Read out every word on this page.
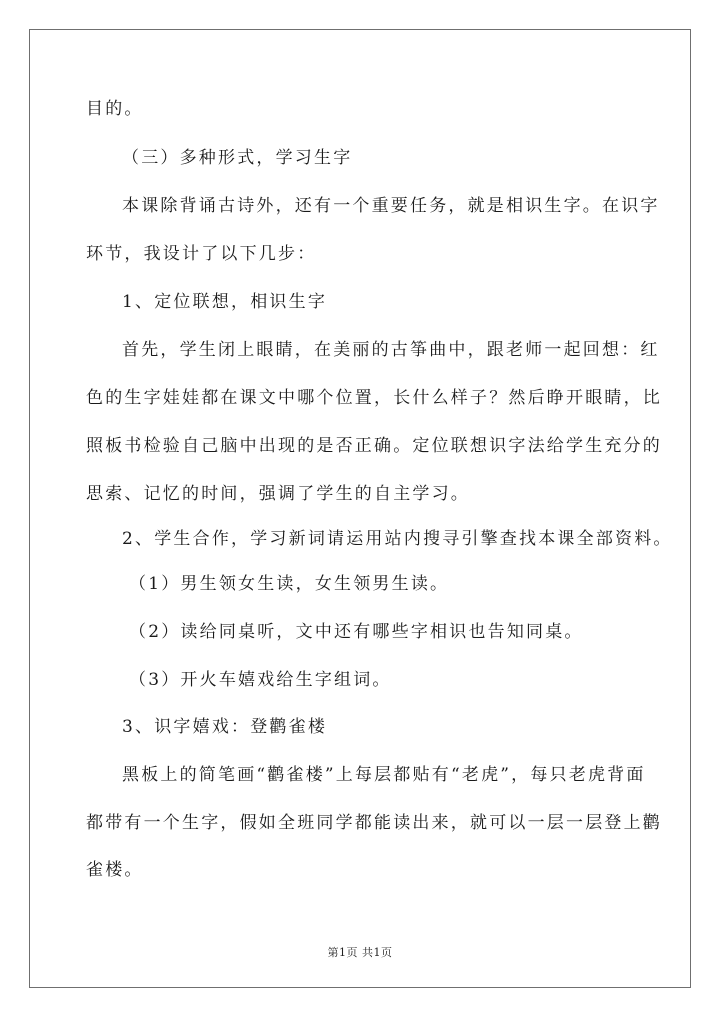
目的。
（三）多种形式，学习生字
本课除背诵古诗外，还有一个重要任务，就是相识生字。在识字
环节，我设计了以下几步：
1、定位联想，相识生字
首先，学生闭上眼睛，在美丽的古筝曲中，跟老师一起回想：红
色的生字娃娃都在课文中哪个位置，长什么样子？然后睁开眼睛，比
照板书检验自己脑中出现的是否正确。定位联想识字法给学生充分的
思索、记忆的时间，强调了学生的自主学习。
2、学生合作，学习新词请运用站内搜寻引擎查找本课全部资料。
（1）男生领女生读，女生领男生读。
（2）读给同桌听，文中还有哪些字相识也告知同桌。
（3）开火车嬉戏给生字组词。
3、识字嬉戏：登鹳雀楼
黑板上的简笔画“鹳雀楼”上每层都贴有“老虎”，每只老虎背面
都带有一个生字，假如全班同学都能读出来，就可以一层一层登上鹳
雀楼。
第1页 共1页
